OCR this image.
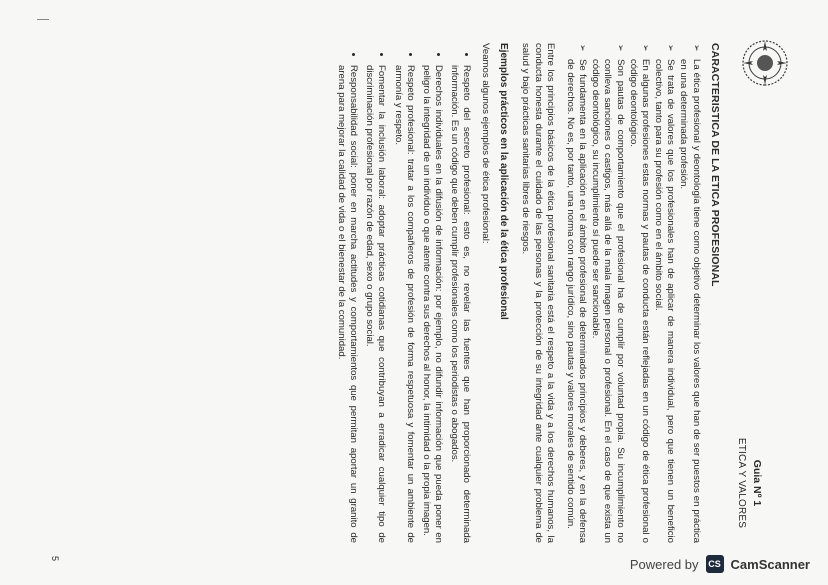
Guia Nº 1
ETICA Y VALORES
CARACTERISTICA DE LA ETICA PROFESIONAL
➢ La ética profesional y deontología tiene como objetivo determinar los valores que han de ser puestos en práctica en una determinada profesión.
➢ Se trata de valores que los profesionales han de aplicar de manera individual, pero que tienen un beneficio colectivo, tanto para su profesión como en el ámbito social.
➢ En algunas profesiones estas normas y pautas de conducta están reflejadas en un código de ética profesional o código deontológico.
➢ Son pautas de comportamiento que el profesional ha de cumplir por voluntad propia. Su incumplimiento no conlleva sanciones o castigos, más allá de la mala imagen personal o profesional. En el caso de que exista un código deontológico, su incumplimiento sí puede ser sancionable.
➢ Se fundamenta en la aplicación en el ámbito profesional de determinados principios y deberes, y en la defensa de derechos. No es, por tanto, una norma con rango jurídico, sino pautas y valores morales de sentido común.

Entre los principios básicos de la ética profesional sanitaria está el respeto a la vida y a los derechos humanos, la conducta honesta durante el cuidado de las personas y la protección de su integridad ante cualquier problema de salud y bajo prácticas sanitarias libres de riesgos.

Ejemplos prácticos en la aplicación de la ética profesional

Veamos algunos ejemplos de ética profesional:

• Respeto del secreto profesional: esto es, no revelar las fuentes que han proporcionado determinada información. Es un código que deben cumplir profesionales como los periodistas o abogados.
• Derechos individuales en la difusión de información: por ejemplo, no difundir información que pueda poner en peligro la integridad de un individuo o que atente contra sus derechos al honor, la intimidad o la propia imagen.
• Respeto profesional: tratar a los compañeros de profesión de forma respetuosa y fomentar un ambiente de armonía y respeto.
• Fomentar la inclusión laboral: adoptar prácticas cotidianas que contribuyan a erradicar cualquier tipo de discriminación profesional por razón de edad, sexo o grupo social.
• Responsabilidad social: poner en marcha actitudes y comportamientos que permitan aportar un granito de arena para mejorar la calidad de vida o el bienestar de la comunidad.
5	Powered by	CS CamScanner
